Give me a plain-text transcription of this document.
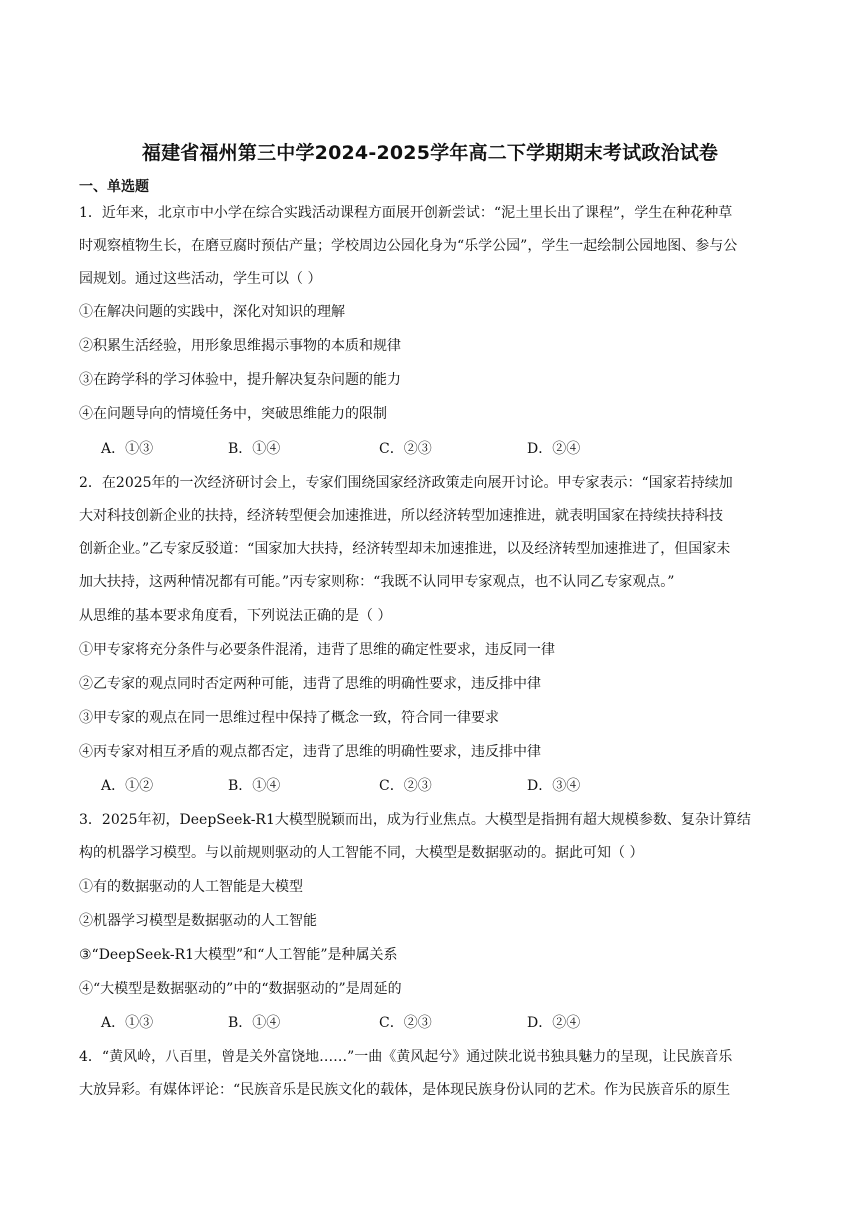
福建省福州第三中学2024-2025学年高二下学期期末考试政治试卷
一、单选题
1．近年来，北京市中小学在综合实践活动课程方面展开创新尝试：“泥土里长出了课程”，学生在种花种草
时观察植物生长，在磨豆腐时预估产量；学校周边公园化身为“乐学公园”，学生一起绘制公园地图、参与公
园规划。通过这些活动，学生可以（ ）
①在解决问题的实践中，深化对知识的理解
②积累生活经验，用形象思维揭示事物的本质和规律
③在跨学科的学习体验中，提升解决复杂问题的能力
④在问题导向的情境任务中，突破思维能力的限制
A．①③	B．①④	C．②③	D．②④
2．在2025年的一次经济研讨会上，专家们围绕国家经济政策走向展开讨论。甲专家表示：“国家若持续加
大对科技创新企业的扶持，经济转型便会加速推进，所以经济转型加速推进，就表明国家在持续扶持科技
创新企业。”乙专家反驳道：“国家加大扶持，经济转型却未加速推进，以及经济转型加速推进了，但国家未
加大扶持，这两种情况都有可能。”丙专家则称：“我既不认同甲专家观点，也不认同乙专家观点。”
从思维的基本要求角度看，下列说法正确的是（ ）
①甲专家将充分条件与必要条件混淆，违背了思维的确定性要求，违反同一律
②乙专家的观点同时否定两种可能，违背了思维的明确性要求，违反排中律
③甲专家的观点在同一思维过程中保持了概念一致，符合同一律要求
④丙专家对相互矛盾的观点都否定，违背了思维的明确性要求，违反排中律
A．①②	B．①④	C．②③	D．③④
3．2025年初，DeepSeek-R1大模型脱颖而出，成为行业焦点。大模型是指拥有超大规模参数、复杂计算结
构的机器学习模型。与以前规则驱动的人工智能不同，大模型是数据驱动的。据此可知（ ）
①有的数据驱动的人工智能是大模型
②机器学习模型是数据驱动的人工智能
③“DeepSeek-R1大模型”和“人工智能”是种属关系
④“大模型是数据驱动的”中的“数据驱动的”是周延的
A．①③	B．①④	C．②③	D．②④
4．“黄风岭，八百里，曾是关外富饶地……”一曲《黄风起兮》通过陕北说书独具魅力的呈现，让民族音乐
大放异彩。有媒体评论：“民族音乐是民族文化的载体，是体现民族身份认同的艺术。作为民族音乐的原生
